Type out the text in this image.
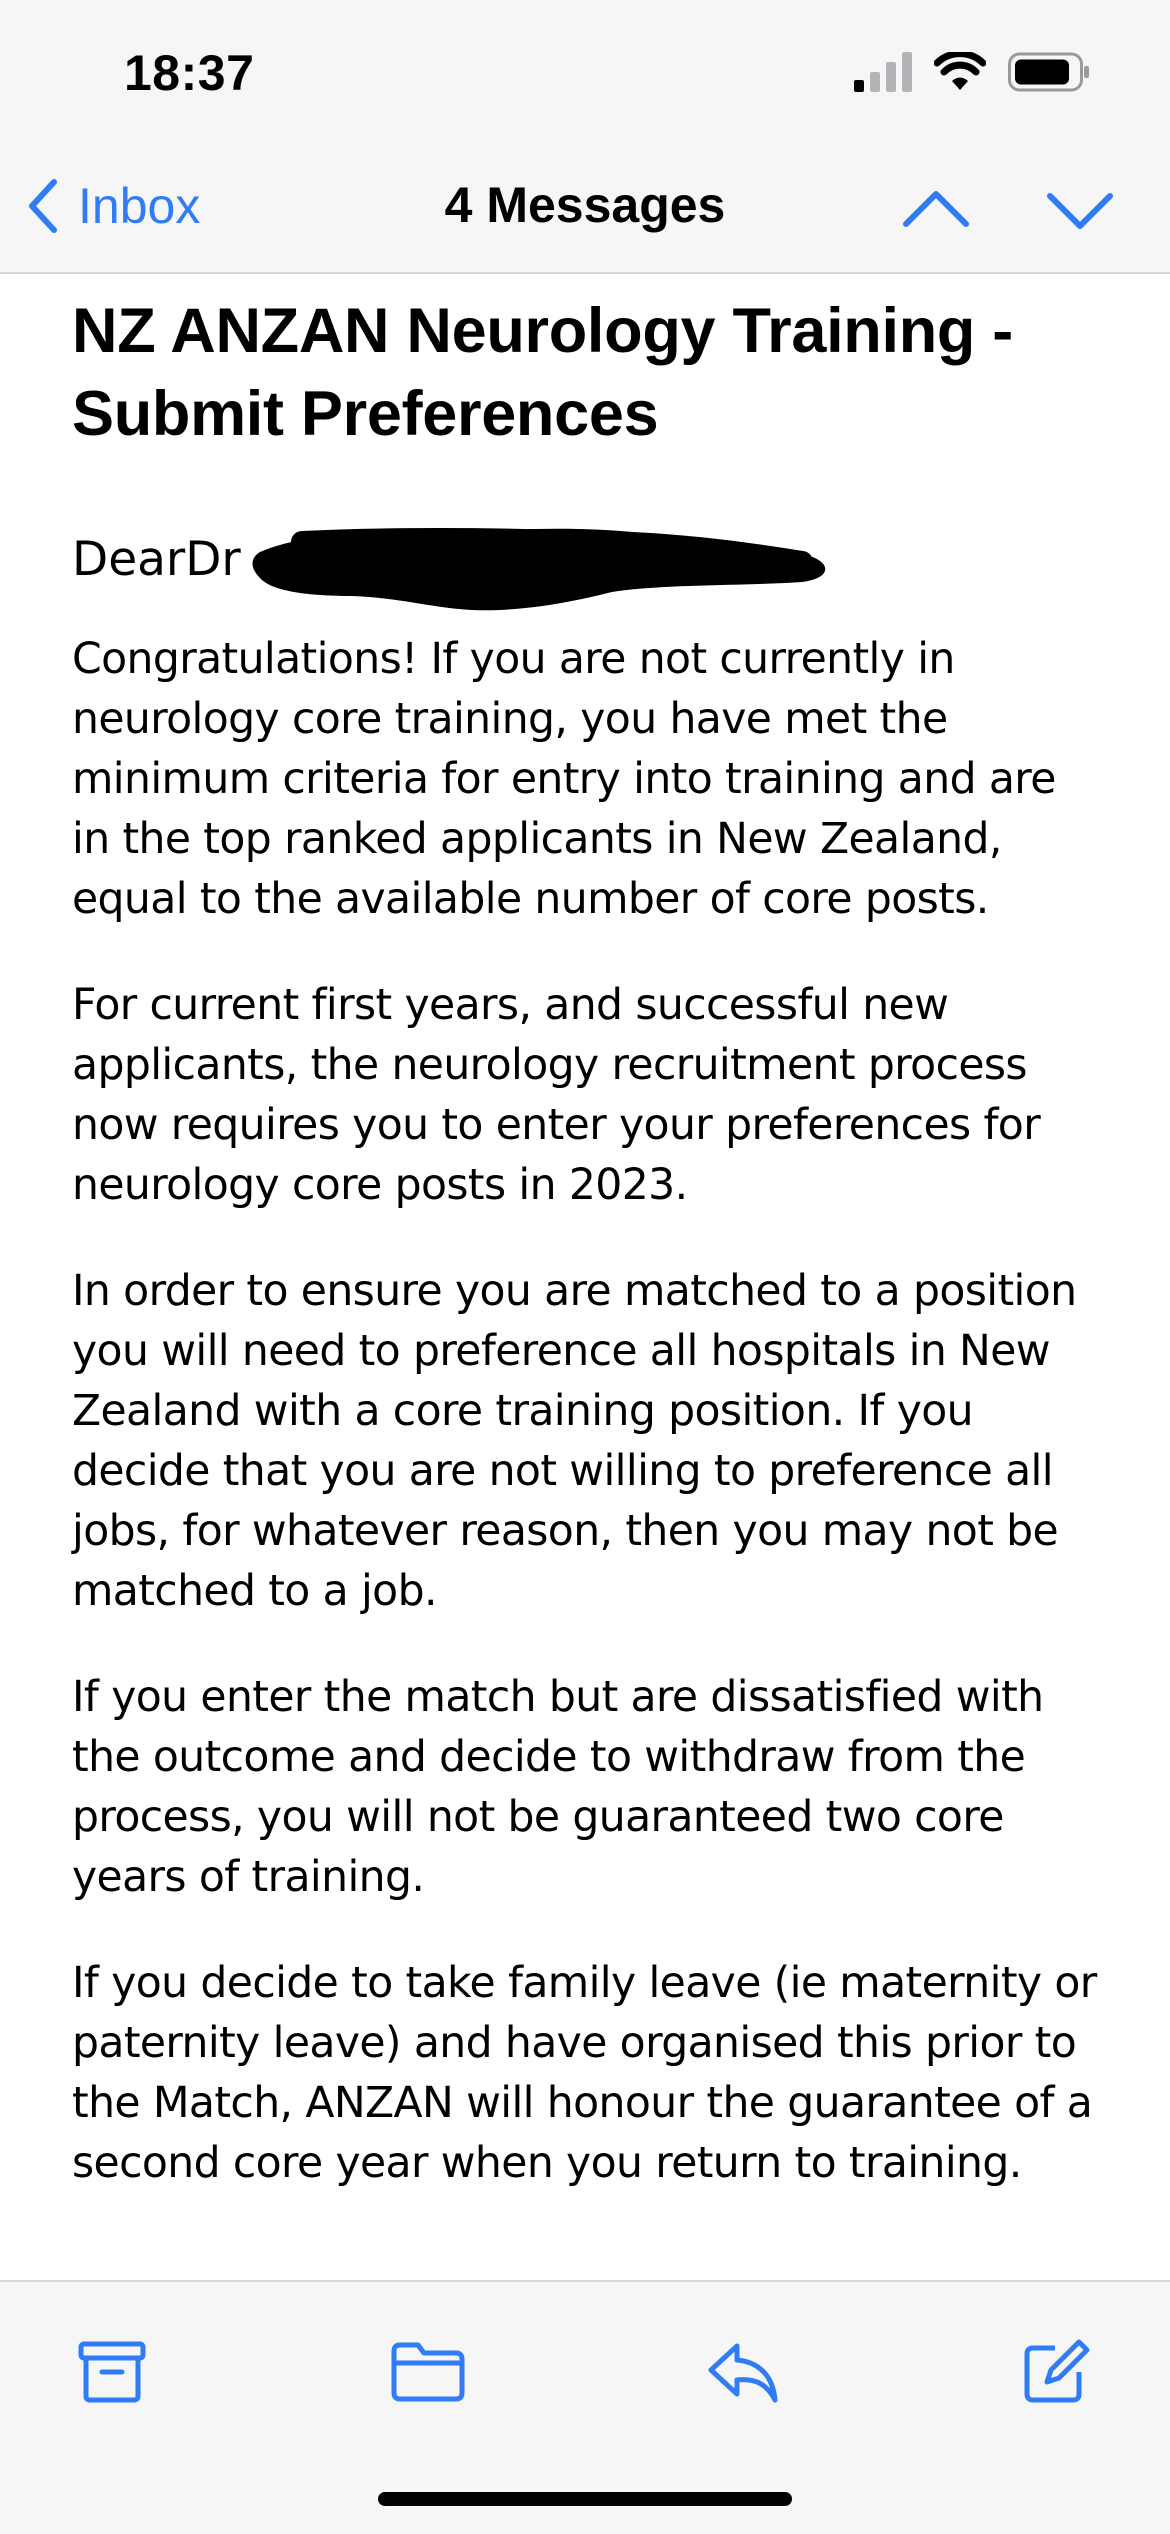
18:37
Inbox	4 Messages
NZ ANZAN Neurology Training - Submit Preferences
DearDr

Congratulations! If you are not currently in neurology core training, you have met the minimum criteria for entry into training and are in the top ranked applicants in New Zealand, equal to the available number of core posts.

For current first years, and successful new applicants, the neurology recruitment process now requires you to enter your preferences for neurology core posts in 2023.

In order to ensure you are matched to a position you will need to preference all hospitals in New Zealand with a core training position. If you decide that you are not willing to preference all jobs, for whatever reason, then you may not be matched to a job.

If you enter the match but are dissatisfied with the outcome and decide to withdraw from the process, you will not be guaranteed two core years of training.

If you decide to take family leave (ie maternity or paternity leave) and have organised this prior to the Match, ANZAN will honour the guarantee of a second core year when you return to training.
